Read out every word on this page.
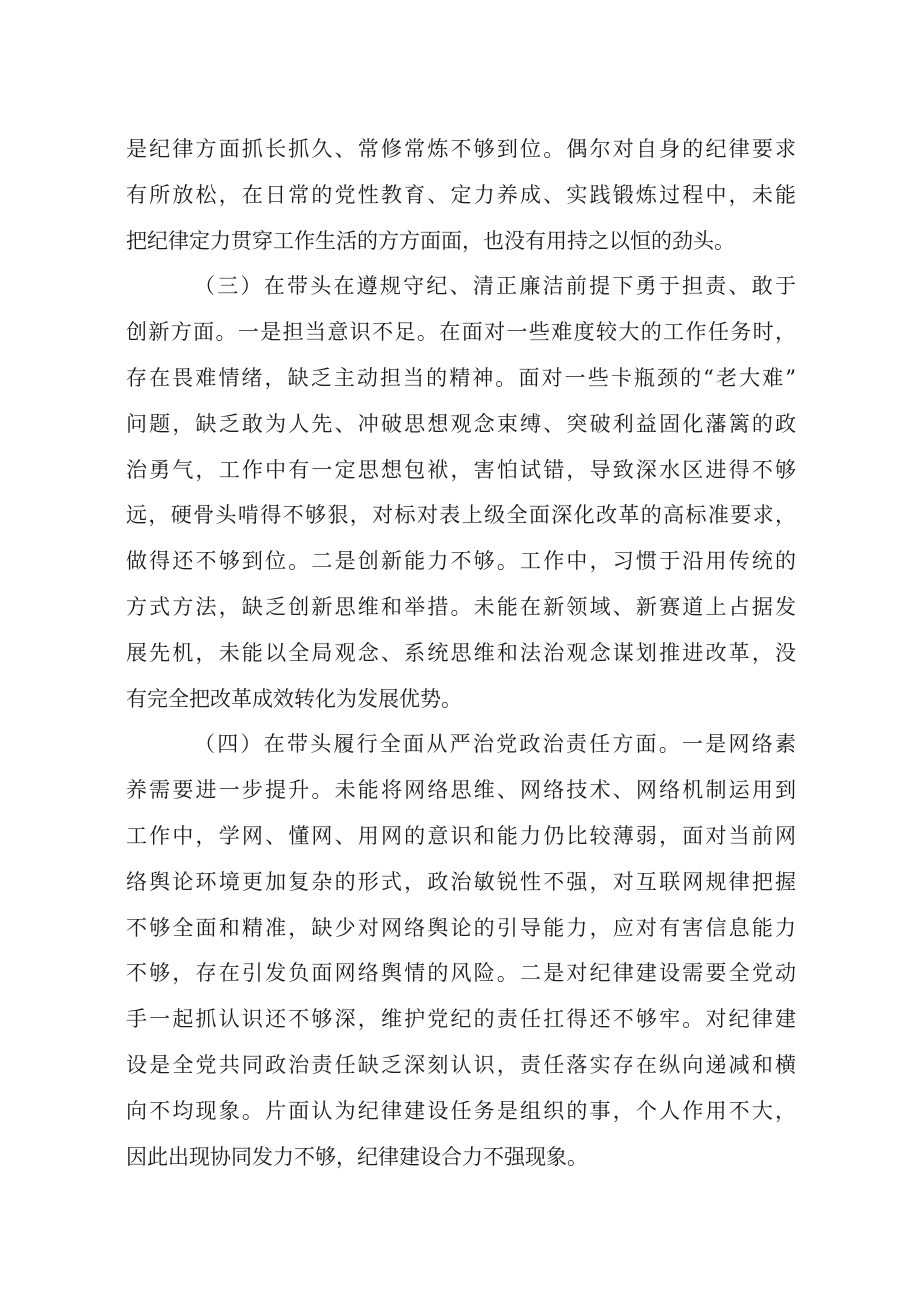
是纪律方面抓长抓久、常修常炼不够到位。偶尔对自身的纪律要求
有所放松，在日常的党性教育、定力养成、实践锻炼过程中，未能
把纪律定力贯穿工作生活的方方面面，也没有用持之以恒的劲头。
（三）在带头在遵规守纪、清正廉洁前提下勇于担责、敢于
创新方面。一是担当意识不足。在面对一些难度较大的工作任务时，
存在畏难情绪，缺乏主动担当的精神。面对一些卡瓶颈的“老大难”
问题，缺乏敢为人先、冲破思想观念束缚、突破利益固化藩篱的政
治勇气，工作中有一定思想包袱，害怕试错，导致深水区进得不够
远，硬骨头啃得不够狠，对标对表上级全面深化改革的高标准要求，
做得还不够到位。二是创新能力不够。工作中，习惯于沿用传统的
方式方法，缺乏创新思维和举措。未能在新领域、新赛道上占据发
展先机，未能以全局观念、系统思维和法治观念谋划推进改革，没
有完全把改革成效转化为发展优势。
（四）在带头履行全面从严治党政治责任方面。一是网络素
养需要进一步提升。未能将网络思维、网络技术、网络机制运用到
工作中，学网、懂网、用网的意识和能力仍比较薄弱，面对当前网
络舆论环境更加复杂的形式，政治敏锐性不强，对互联网规律把握
不够全面和精准，缺少对网络舆论的引导能力，应对有害信息能力
不够，存在引发负面网络舆情的风险。二是对纪律建设需要全党动
手一起抓认识还不够深，维护党纪的责任扛得还不够牢。对纪律建
设是全党共同政治责任缺乏深刻认识，责任落实存在纵向递减和横
向不均现象。片面认为纪律建设任务是组织的事，个人作用不大，
因此出现协同发力不够，纪律建设合力不强现象。
